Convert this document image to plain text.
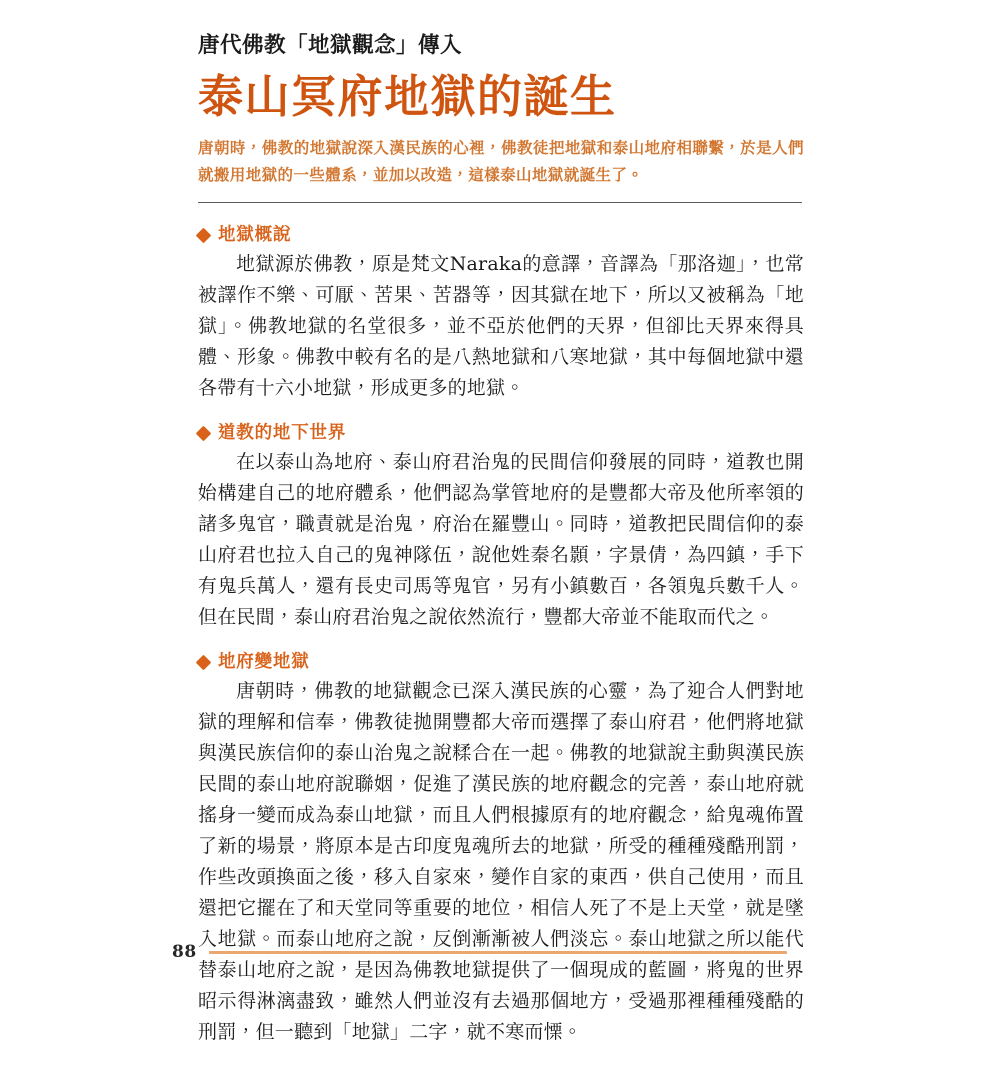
唐代佛教「地獄觀念」傳入
泰山冥府地獄的誕生

唐朝時，佛教的地獄說深入漢民族的心裡，佛教徒把地獄和泰山地府相聯繫，於是人們就搬用地獄的一些體系，並加以改造，這樣泰山地獄就誕生了。

地獄概說

地獄源於佛教，原是梵文Naraka的意譯，音譯為「那洛迦」，也常被譯作不樂、可厭、苦果、苦器等，因其獄在地下，所以又被稱為「地獄」。佛教地獄的名堂很多，並不亞於他們的天界，但卻比天界來得具體、形象。佛教中較有名的是八熱地獄和八寒地獄，其中每個地獄中還各帶有十六小地獄，形成更多的地獄。

道教的地下世界

在以泰山為地府、泰山府君治鬼的民間信仰發展的同時，道教也開始構建自己的地府體系，他們認為掌管地府的是豐都大帝及他所率領的諸多鬼官，職責就是治鬼，府治在羅豐山。同時，道教把民間信仰的泰山府君也拉入自己的鬼神隊伍，說他姓秦名顥，字景倩，為四鎮，手下有鬼兵萬人，還有長史司馬等鬼官，另有小鎮數百，各領鬼兵數千人。但在民間，泰山府君治鬼之說依然流行，豐都大帝並不能取而代之。

地府變地獄

唐朝時，佛教的地獄觀念已深入漢民族的心靈，為了迎合人們對地獄的理解和信奉，佛教徒拋開豐都大帝而選擇了泰山府君，他們將地獄與漢民族信仰的泰山治鬼之說糅合在一起。佛教的地獄說主動與漢民族民間的泰山地府說聯姻，促進了漢民族的地府觀念的完善，泰山地府就搖身一變而成為泰山地獄，而且人們根據原有的地府觀念，給鬼魂佈置了新的場景，將原本是古印度鬼魂所去的地獄，所受的種種殘酷刑罰，作些改頭換面之後，移入自家來，變作自家的東西，供自己使用，而且還把它擺在了和天堂同等重要的地位，相信人死了不是上天堂，就是墜入地獄。而泰山地府之說，反倒漸漸被人們淡忘。泰山地獄之所以能代替泰山地府之說，是因為佛教地獄提供了一個現成的藍圖，將鬼的世界昭示得淋漓盡致，雖然人們並沒有去過那個地方，受過那裡種種殘酷的刑罰，但一聽到「地獄」二字，就不寒而慄。

88
